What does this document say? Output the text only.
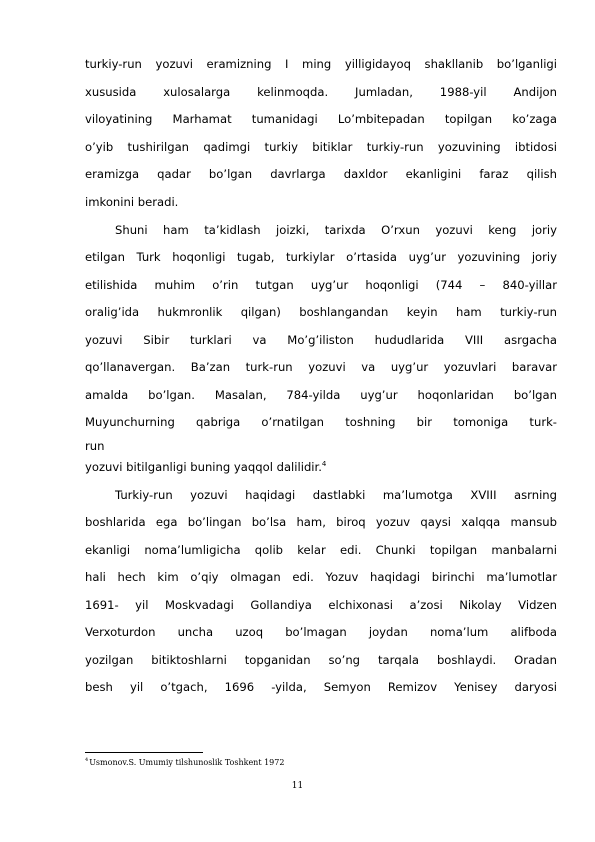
turkiy-run yozuvi eramizning I ming yilligidayoq shakllanib bo’lganligi
xususida xulosalarga kelinmoqda. Jumladan, 1988-yil Andijon
viloyatining Marhamat tumanidagi Lo’mbitepadan topilgan ko’zaga
o’yib tushirilgan qadimgi turkiy bitiklar turkiy-run yozuvining ibtidosi
eramizga qadar bo’lgan davrlarga daxldor ekanligini faraz qilish
imkonini beradi.
Shuni ham ta’kidlash joizki, tarixda O’rxun yozuvi keng joriy
etilgan Turk hoqonligi tugab, turkiylar o’rtasida uyg’ur yozuvining joriy
etilishida muhim o’rin tutgan uyg’ur hoqonligi (744 – 840-yillar
oralig’ida hukmronlik qilgan) boshlangandan keyin ham turkiy-run
yozuvi Sibir turklari va Mo’g’iliston hududlarida VIII asrgacha
qo’llanavergan. Ba’zan turk-run yozuvi va uyg’ur yozuvlari baravar
amalda bo’lgan. Masalan, 784-yilda uyg’ur hoqonlaridan bo’lgan
Muyunchurning qabriga o’rnatilgan toshning bir tomoniga turk-
run
yozuvi bitilganligi buning yaqqol dalilidir.$^4$
Turkiy-run yozuvi haqidagi dastlabki ma’lumotga XVIII asrning
boshlarida ega bo’lingan bo’lsa ham, biroq yozuv qaysi xalqqa mansub
ekanligi noma’lumligicha qolib kelar edi. Chunki topilgan manbalarni
hali hech kim o’qiy olmagan edi. Yozuv haqidagi birinchi ma’lumotlar
1691- yil Moskvadagi Gollandiya elchixonasi a’zosi Nikolay Vidzen
Verxoturdon uncha uzoq bo’lmagan joydan noma’lum alifboda
yozilgan bitiktoshlarni topganidan so’ng tarqala boshlaydi. Oradan
besh yil o’tgach, 1696 -yilda, Semyon Remizov Yenisey daryosi
$^4$Usmonov.S. Umumiy tilshunoslik Toshkent 1972
11
